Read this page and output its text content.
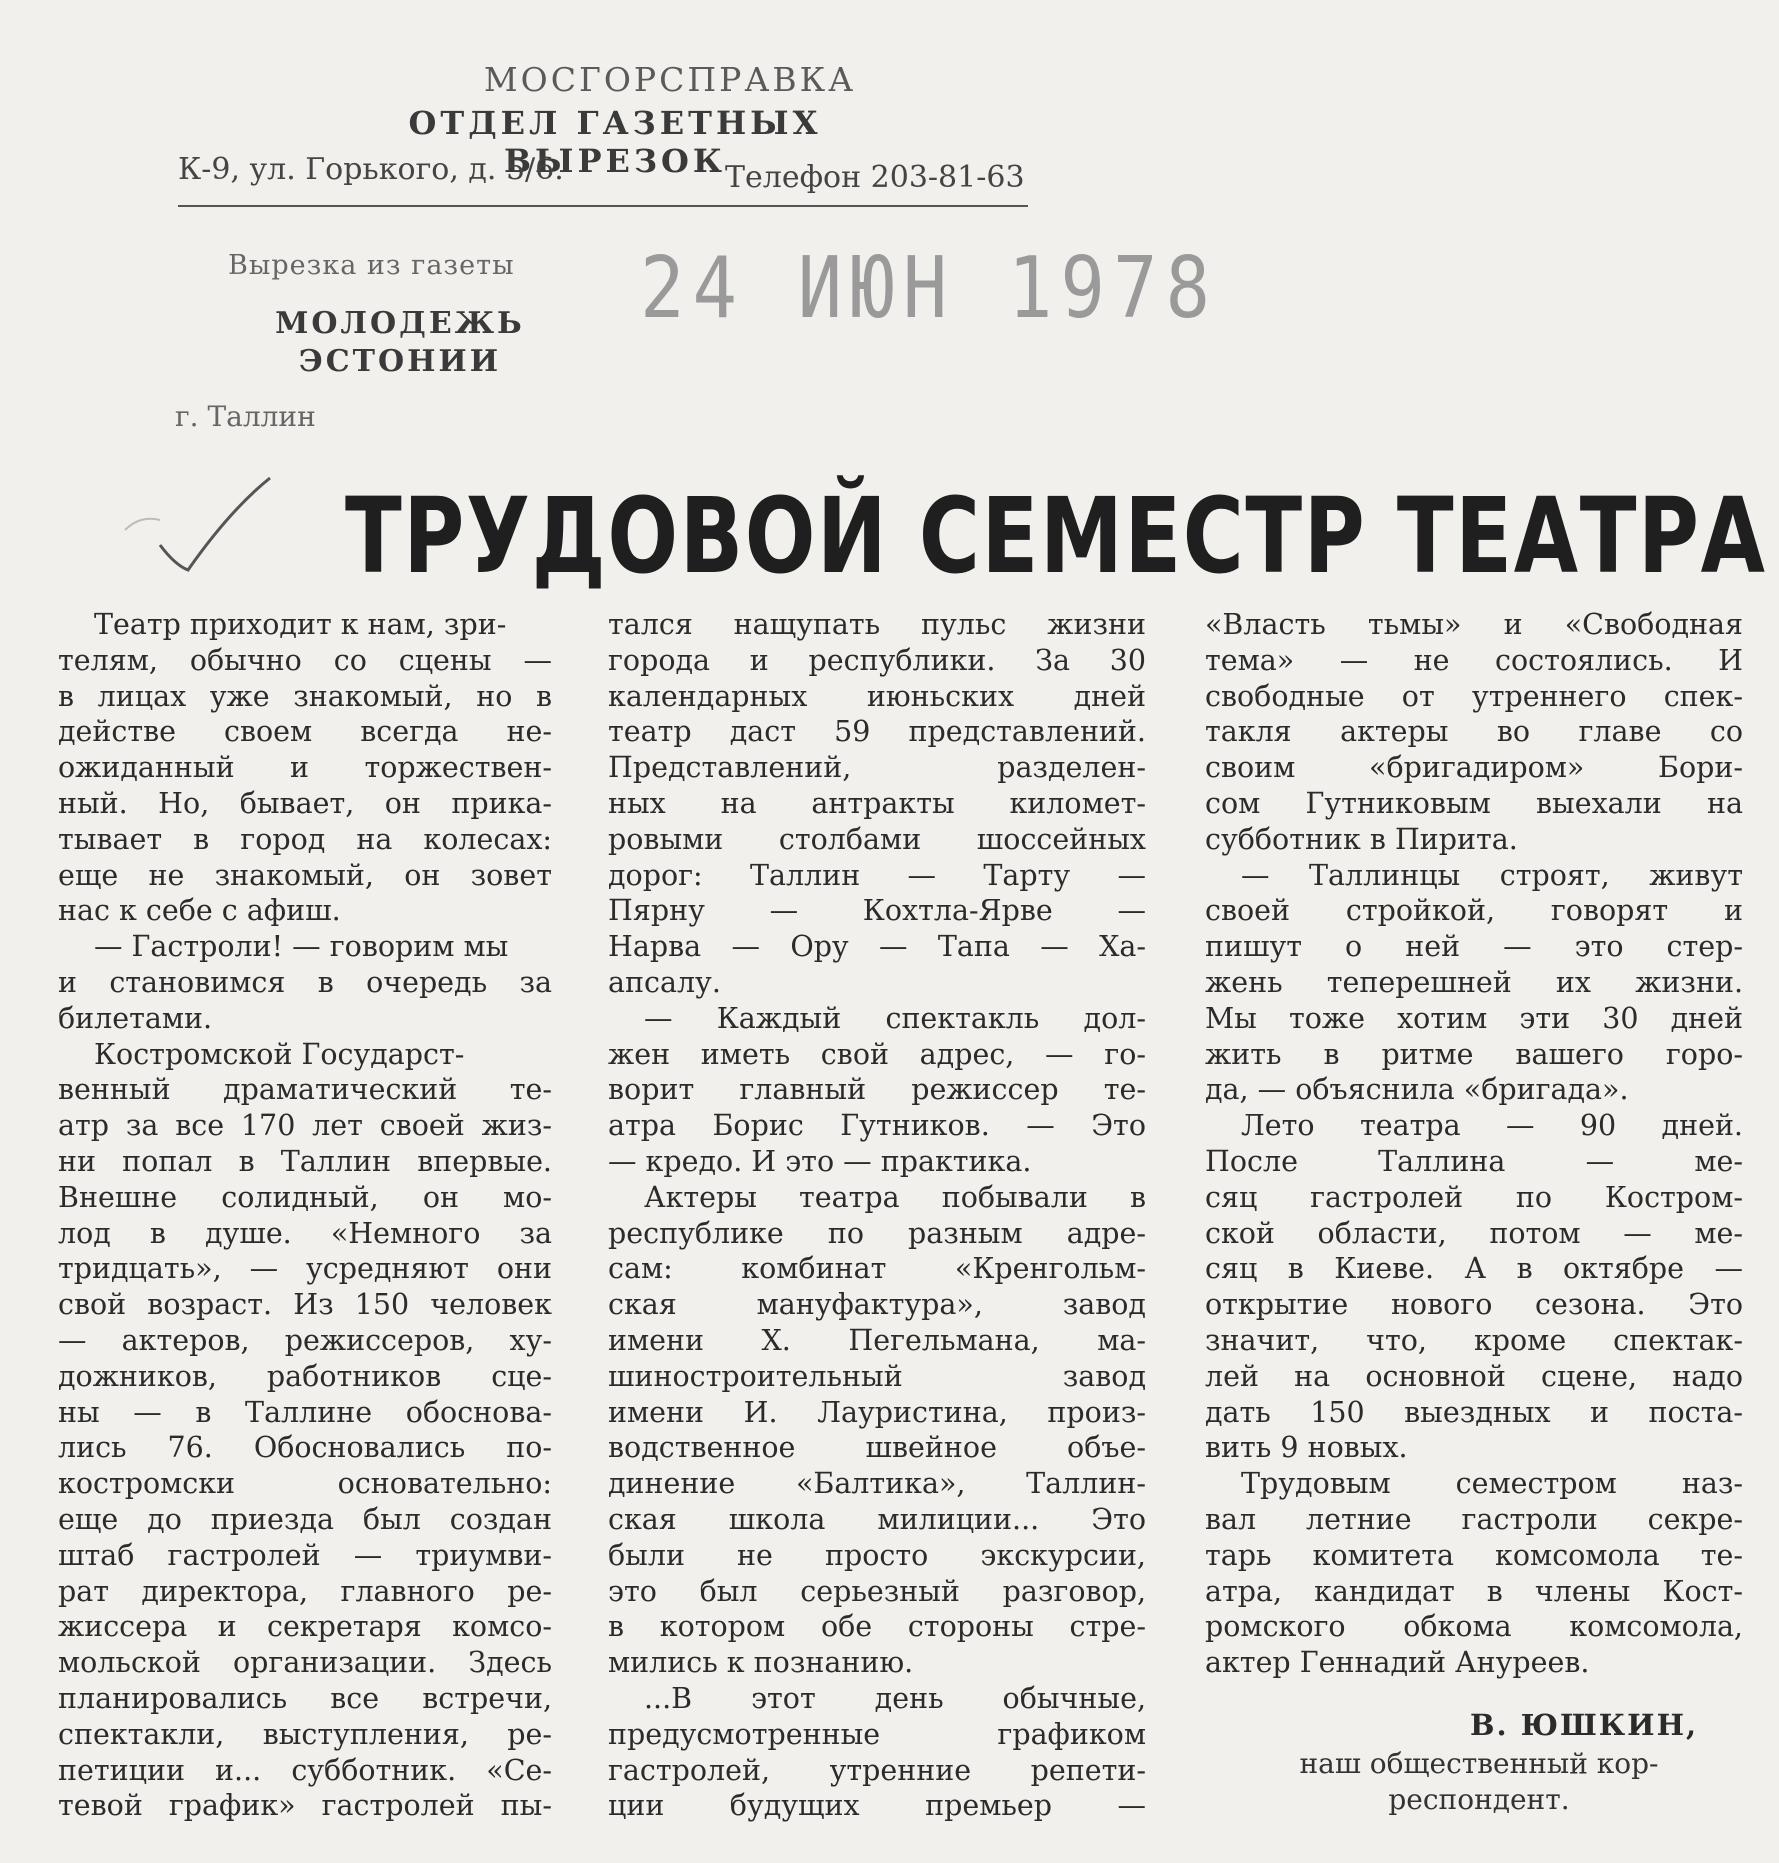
МОСГОРСПРАВКА
ОТДЕЛ ГАЗЕТНЫХ ВЫРЕЗОК
К-9, ул. Горького, д. 5/6.	Телефон 203-81-63
Вырезка из газеты 24 ИЮН 1978
МОЛОДЕЖЬ
ЭСТОНИИ
г. Таллин
ТРУДОВОЙ СЕМЕСТР ТЕАТРА
Театр приходит к нам, зри-
телям, обычно со сцены —
в лицах уже знакомый, но в
действе своем всегда не-
ожиданный и торжествен-
ный. Но, бывает, он прика-
тывает в город на колесах:
еще не знакомый, он зовет
нас к себе с афиш.
— Гастроли! — говорим мы
и становимся в очередь за
билетами.
Костромской Государст-
венный драматический те-
атр за все 170 лет своей жиз-
ни попал в Таллин впервые.
Внешне солидный, он мо-
лод в душе. «Немного за
тридцать», — усредняют они
свой возраст. Из 150 человек
— актеров, режиссеров, ху-
дожников, работников сце-
ны — в Таллине обосновa-
лись 76. Обосновались по-
костромски основательно:
еще до приезда был создан
штаб гастролей — триумви-
рат директора, главного ре-
жиссера и секретаря комсо-
мольской организации. Здесь
планировались все встречи,
спектакли, выступления, ре-
петиции и... субботник. «Се-
тевой график» гастролей пы-
тался нащупать пульс жизни
города и республики. За 30
календарных июньских дней
театр даст 59 представлений.
Представлений, разделен-
ных на антракты километ-
ровыми столбами шоссейных
дорог: Таллин — Тарту —
Пярну — Кохтла-Ярве —
Нарва — Ору — Тапа — Ха-
апсалу.
— Каждый спектакль дол-
жен иметь свой адрес, — го-
ворит главный режиссер те-
атра Борис Гутников. — Это
— кредо. И это — практика.
Актеры театра побывали в
республике по разным адре-
сам: комбинат «Кренгольм-
ская мануфактура», завод
имени Х. Пегельмана, ма-
шиностроительный завод
имени И. Лауристина, произ-
водственное швейное объе-
динение «Балтика», Таллин-
ская школа милиции... Это
были не просто экскурсии,
это был серьезный разговор,
в котором обе стороны стре-
мились к познанию.
...В этот день обычные,
предусмотренные графиком
гастролей, утренние репети-
ции будущих премьер —
«Власть тьмы» и «Свободная
тема» — не состоялись. И
свободные от утреннего спек-
такля актеры во главе со
своим «бригадиром» Бори-
сом Гутниковым выехали на
субботник в Пирита.
— Таллинцы строят, живут
своей стройкой, говорят и
пишут о ней — это стер-
жень теперешней их жизни.
Мы тоже хотим эти 30 дней
жить в ритме вашего горо-
да, — объяснила «бригада».
Лето театра — 90 дней.
После Таллина — ме-
сяц гастролей по Костром-
ской области, потом — ме-
сяц в Киеве. А в октябре —
открытие нового сезона. Это
значит, что, кроме спектак-
лей на основной сцене, надо
дать 150 выездных и поста-
вить 9 новых.
Трудовым семестром наз-
вал летние гастроли секре-
тарь комитета комсомола те-
атра, кандидат в члены Кост-
ромского обкома комсомола,
актер Геннадий Ануреев.
В. ЮШКИН,
наш общественный кор-
респондент.
